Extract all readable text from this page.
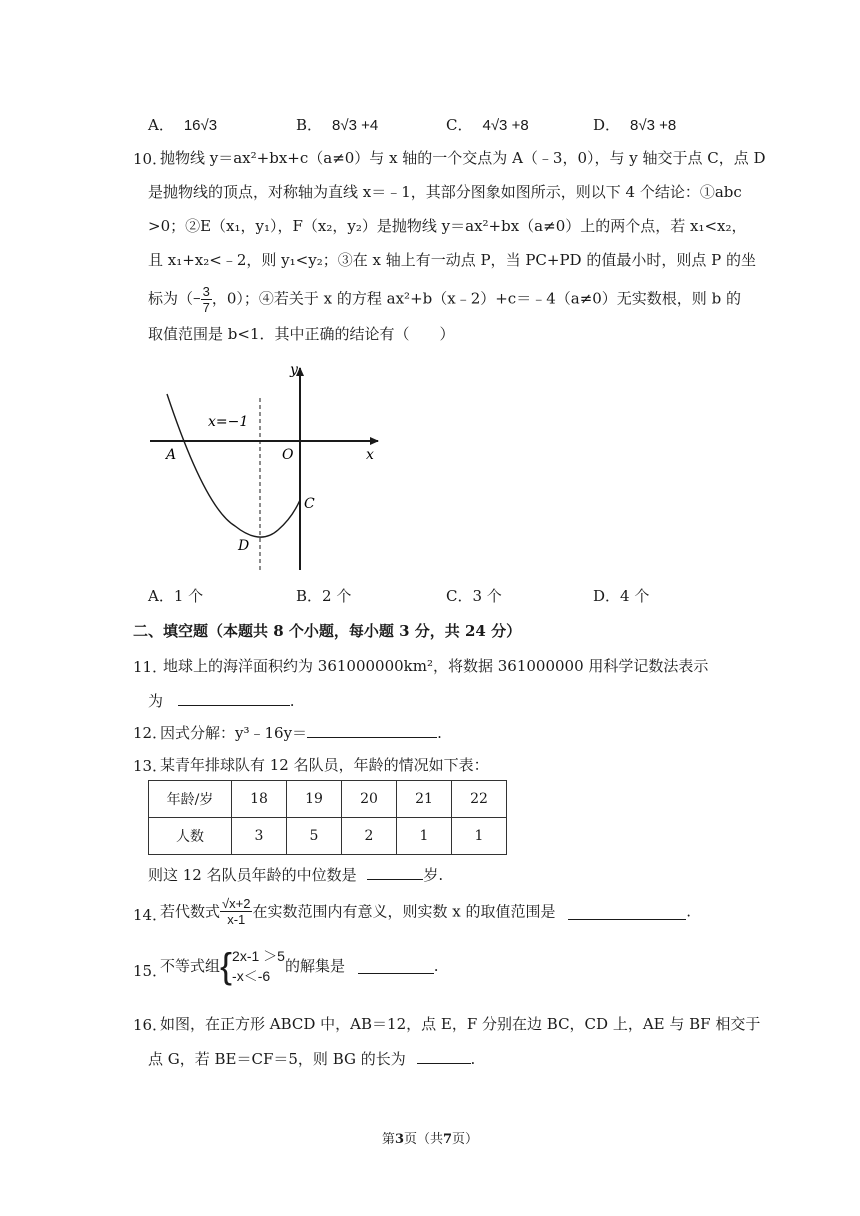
A． 16√3	B． 8√3 +4	C． 4√3 +8	D． 8√3 +8
10．
抛物线 y＝ax²+bx+c（a≠0）与 x 轴的一个交点为 A（﹣3，0），与 y 轴交于点 C，点 D
是抛物线的顶点，对称轴为直线 x＝﹣1，其部分图象如图所示，则以下 4 个结论：①abc
>0；②E（x₁，y₁），F（x₂，y₂）是抛物线 y＝ax²+bx（a≠0）上的两个点，若 x₁<x₂，
且 x₁+x₂<﹣2，则 y₁<y₂；③在 x 轴上有一动点 P，当 PC+PD 的值最小时，则点 P 的坐
标为（− $\frac{3}{7}$ ，0）；④若关于 x 的方程 ax²+b（x﹣2）+c＝﹣4（a≠0）无实数根，则 b 的
取值范围是 b<1．其中正确的结论有（　　）
y
x
O
A
C
D
x=−1
A．1 个	B．2 个	C．3 个	D．4 个
二、填空题（本题共 8 个小题，每小题 3 分，共 24 分）
11．
地球上的海洋面积约为 361000000km²，将数据 361000000 用科学记数法表示
为	.
12．
因式分解：y³﹣16y＝	.
13．
某青年排球队有 12 名队员，年龄的情况如下表：
年龄/岁	18	19	20	21	22
人数	3	5	2	1	1
则这 12 名队员年龄的中位数是	岁.
14．
若代数式 $\frac{√x+2}{x-1}$ 在实数范围内有意义，则实数 x 的取值范围是	.
15．
不等式组{ 2x-1 ＞5
-x＜-6
的解集是	.
16．
如图，在正方形 ABCD 中，AB＝12，点 E，F 分别在边 BC，CD 上，AE 与 BF 相交于
点 G，若 BE＝CF＝5，则 BG 的长为	.
第3页（共7页）
